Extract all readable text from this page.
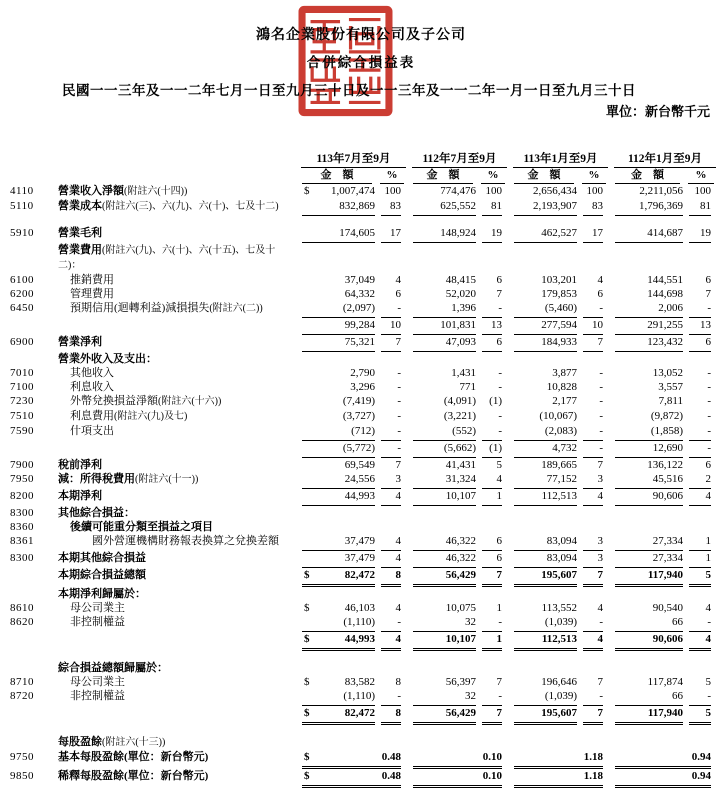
鴻名企業股份有限公司及子公司
合併綜合損益表
民國一一三年及一一二年七月一日至九月三十日及一一三年及一一二年一月一日至九月三十日
單位：新台幣千元

		113年7月至9月		112年7月至9月		113年1月至9月		112年1月至9月	

		金　額	%	金　額	%	金　額	%	金　額	%

4110	營業收入淨額(附註六(十四))	$ 1,007,474	100	774,476	100	2,656,434	100	2,211,056	100

5110	營業成本(附註六(三)、六(九)、六(十)、七及十二)	832,869	83	625,552	81	2,193,907	83	1,796,369	81

5910	營業毛利	174,605	17	148,924	19	462,527	17	414,687	19

	營業費用(附註六(九)、六(十)、六(十五)、七及十二)：								
6100	推銷費用	37,049	4	48,415	6	103,201	4	144,551	6

6200	管理費用	64,332	6	52,020	7	179,853	6	144,698	7

6450	預期信用(迴轉利益)減損損失(附註六(二))	(2,097)	-	1,396	-	(5,460)	-	2,006	-

		99,284	10	101,831	13	277,594	10	291,255	13

6900	營業淨利	75,321	7	47,093	6	184,933	7	123,432	6

	營業外收入及支出：								
7010	其他收入	2,790	-	1,431	-	3,877	-	13,052	-

7100	利息收入	3,296	-	771	-	10,828	-	3,557	-

7230	外幣兌換損益淨額(附註六(十六))	(7,419)	-	(4,091)	(1)	2,177	-	7,811	-

7510	利息費用(附註六(九)及七)	(3,727)	-	(3,221)	-	(10,067)	-	(9,872)	-

7590	什項支出	(712)	-	(552)	-	(2,083)	-	(1,858)	-

		(5,772)	-	(5,662)	(1)	4,732	-	12,690	-

7900	稅前淨利	69,549	7	41,431	5	189,665	7	136,122	6

7950	減：所得稅費用(附註六(十一))	24,556	3	31,324	4	77,152	3	45,516	2

8200	本期淨利	44,993	4	10,107	1	112,513	4	90,606	4

8300	其他綜合損益：								
8360	後續可能重分類至損益之項目								
8361	國外營運機構財務報表換算之兌換差額	37,479	4	46,322	6	83,094	3	27,334	1

8300	本期其他綜合損益	37,479	4	46,322	6	83,094	3	27,334	1

	本期綜合損益總額	$ 82,472	8	56,429	7	195,607	7	117,940	5

	本期淨利歸屬於：								
8610	母公司業主	$ 46,103	4	10,075	1	113,552	4	90,540	4

8620	非控制權益	(1,110)	-	32	-	(1,039)	-	66	-

		$ 44,993	4	10,107	1	112,513	4	90,606	4

	綜合損益總額歸屬於：								
8710	母公司業主	$ 83,582	8	56,397	7	196,646	7	117,874	5

8720	非控制權益	(1,110)	-	32	-	(1,039)	-	66	-

		$ 82,472	8	56,429	7	195,607	7	117,940	5

	每股盈餘(附註六(十三))								
9750	基本每股盈餘(單位：新台幣元)	$ 0.48		0.10		1.18		0.94	

9850	稀釋每股盈餘(單位：新台幣元)	$ 0.48		0.10		1.18		0.94	
